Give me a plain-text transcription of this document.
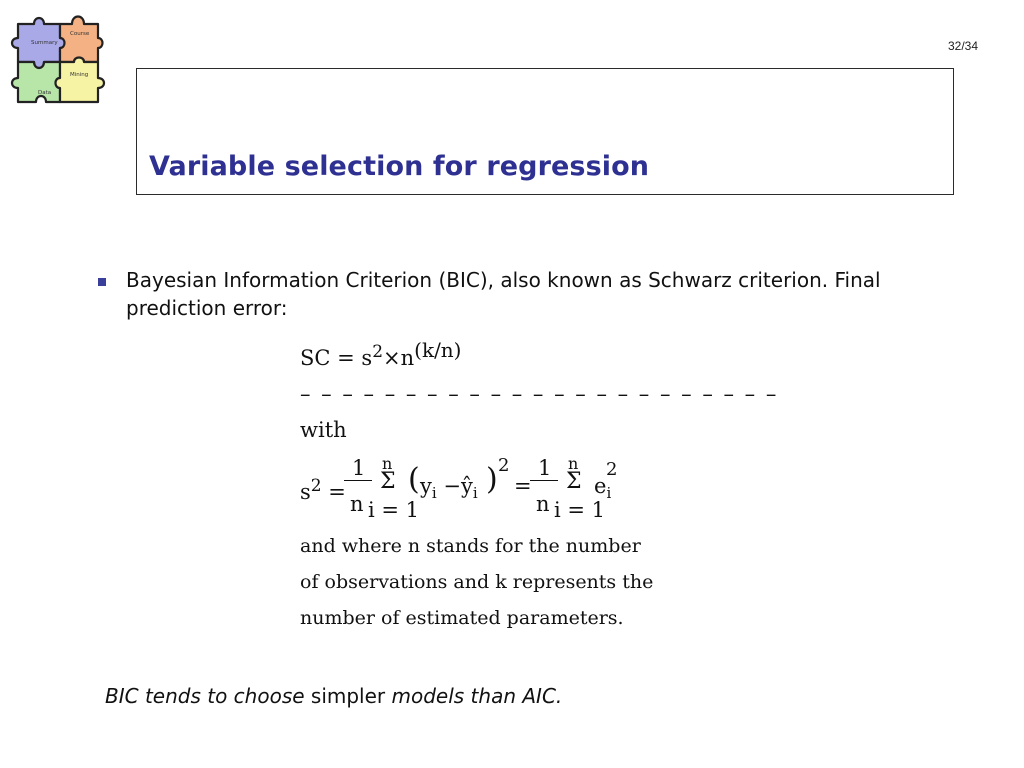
Summary
Course
Mining
Data
32/34
Variable selection for regression

Bayesian Information Criterion (BIC), also known as Schwarz criterion. Final prediction error:

SC = $s^2\times n^{(k/n)}$
– – – – – – – – – – – – – – – – – – – – – – –
with
$s^2$ =
1
n
n
Σ
i = 1
( $y_i$ $-ŷ_i$ ) 2
=
1
n
n
Σ
i = 1
$e_i$
2
and where n stands for the number
of observations and k represents the
number of estimated parameters.

BIC tends to choose simpler models than AIC.
